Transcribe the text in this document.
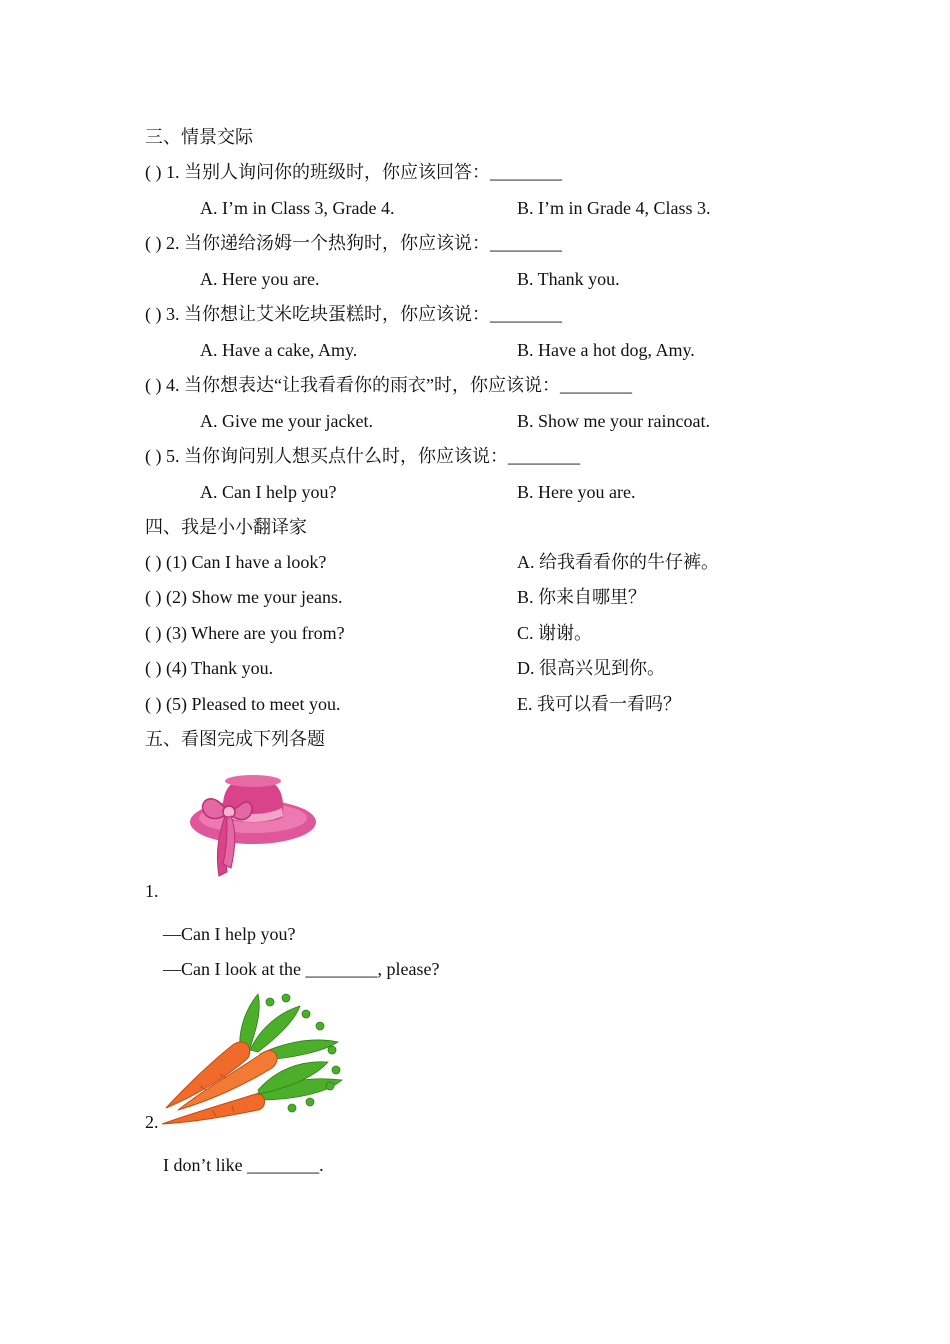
三、情景交际
( ) 1. 当别人询问你的班级时，你应该回答：________
A. I’m in Class 3, Grade 4.	B. I’m in Grade 4, Class 3.
( ) 2. 当你递给汤姆一个热狗时，你应该说：________
A. Here you are.	B. Thank you.
( ) 3. 当你想让艾米吃块蛋糕时，你应该说：________
A. Have a cake, Amy.	B. Have a hot dog, Amy.
( ) 4. 当你想表达“让我看看你的雨衣”时，你应该说：________
A. Give me your jacket.	B. Show me your raincoat.
( ) 5. 当你询问别人想买点什么时，你应该说：________
A. Can I help you?	B. Here you are.
四、我是小小翻译家
( ) (1) Can I have a look?	A. 给我看看你的牛仔裤。
( ) (2) Show me your jeans.	B. 你来自哪里？
( ) (3) Where are you from?	C. 谢谢。
( ) (4) Thank you.	D. 很高兴见到你。
( ) (5) Pleased to meet you.	E. 我可以看一看吗？
五、看图完成下列各题
1.
—Can I help you?
—Can I look at the ________, please?
2.
I don’t like ________.
